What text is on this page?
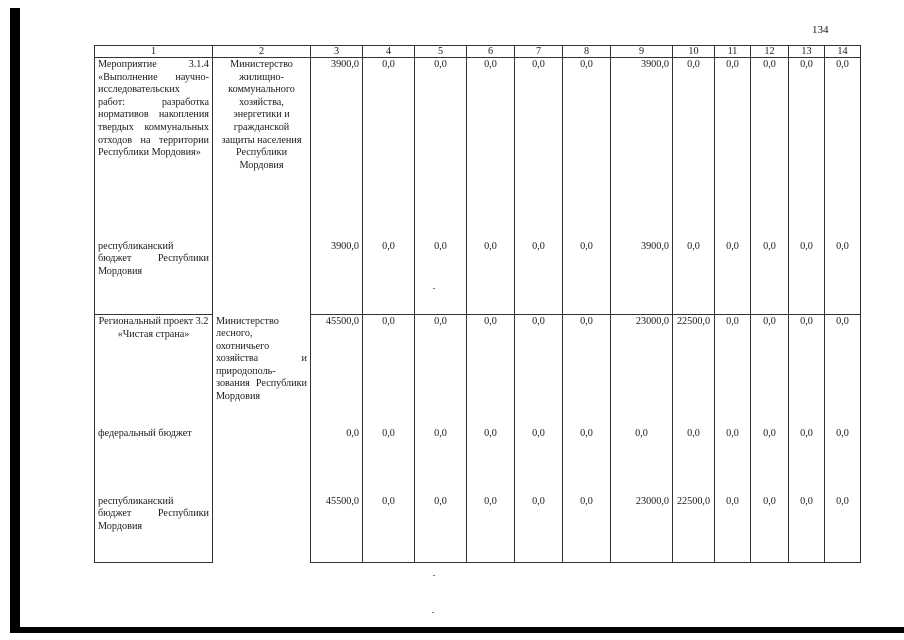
134
1	2	3	4	5	6	7	8	9	10	11	12	13	14
Мероприятие 3.1.4 «Выполнение научно-исследовательских работ: разработка нормативов накопления твердых коммунальных отходов на территории Республики Мордовия»	Министерство жилищно-коммунального хозяйства, энергетики и гражданской защиты населения Республики Мордовия	3900,0	0,0	0,0	0,0	0,0	0,0	3900,0	0,0	0,0	0,0	0,0	0,0
республиканский бюджет Республики Мордовия		3900,0	0,0	0,0	0,0	0,0	0,0	3900,0	0,0	0,0	0,0	0,0	0,0
Региональный проект 3.2 «Чистая страна»	Министерство лесного, охотничьего хозяйства и природополь-зования Республики Мордовия	45500,0	0,0	0,0	0,0	0,0	0,0	23000,0	22500,0	0,0	0,0	0,0	0,0
федеральный бюджет		0,0	0,0	0,0	0,0	0,0	0,0	0,0	0,0	0,0	0,0	0,0	0,0
республиканский бюджет Республики Мордовия		45500,0	0,0	0,0	0,0	0,0	0,0	23000,0	22500,0	0,0	0,0	0,0	0,0
